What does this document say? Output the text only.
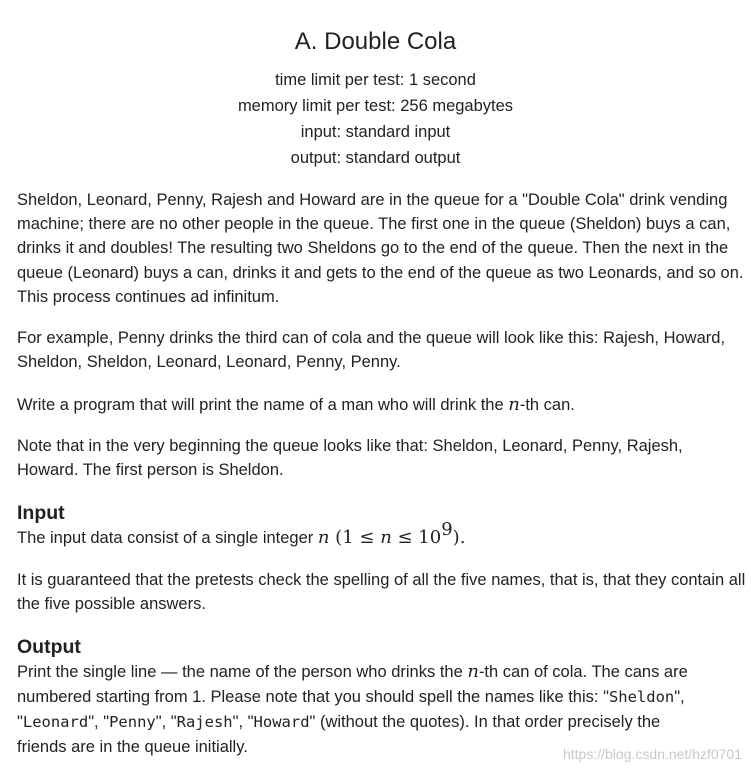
A. Double Cola
time limit per test: 1 second
memory limit per test: 256 megabytes
input: standard input
output: standard output

Sheldon, Leonard, Penny, Rajesh and Howard are in the queue for a "Double Cola" drink vending machine; there are no other people in the queue. The first one in the queue (Sheldon) buys a can, drinks it and doubles! The resulting two Sheldons go to the end of the queue. Then the next in the queue (Leonard) buys a can, drinks it and gets to the end of the queue as two Leonards, and so on. This process continues ad infinitum.

For example, Penny drinks the third can of cola and the queue will look like this: Rajesh, Howard, Sheldon, Sheldon, Leonard, Leonard, Penny, Penny.

Write a program that will print the name of a man who will drink the n-th can.

Note that in the very beginning the queue looks like that: Sheldon, Leonard, Penny, Rajesh, Howard. The first person is Sheldon.

Input

The input data consist of a single integer n $(1 \le n \le 10^9)$.

It is guaranteed that the pretests check the spelling of all the five names, that is, that they contain all the five possible answers.

Output
Print the single line — the name of the person who drinks the n-th can of cola. The cans are
numbered starting from 1. Please note that you should spell the names like this: "Sheldon",
"Leonard", "Penny", "Rajesh", "Howard" (without the quotes). In that order precisely the
friends are in the queue initially.	https://blog.csdn.net/hzf0701
